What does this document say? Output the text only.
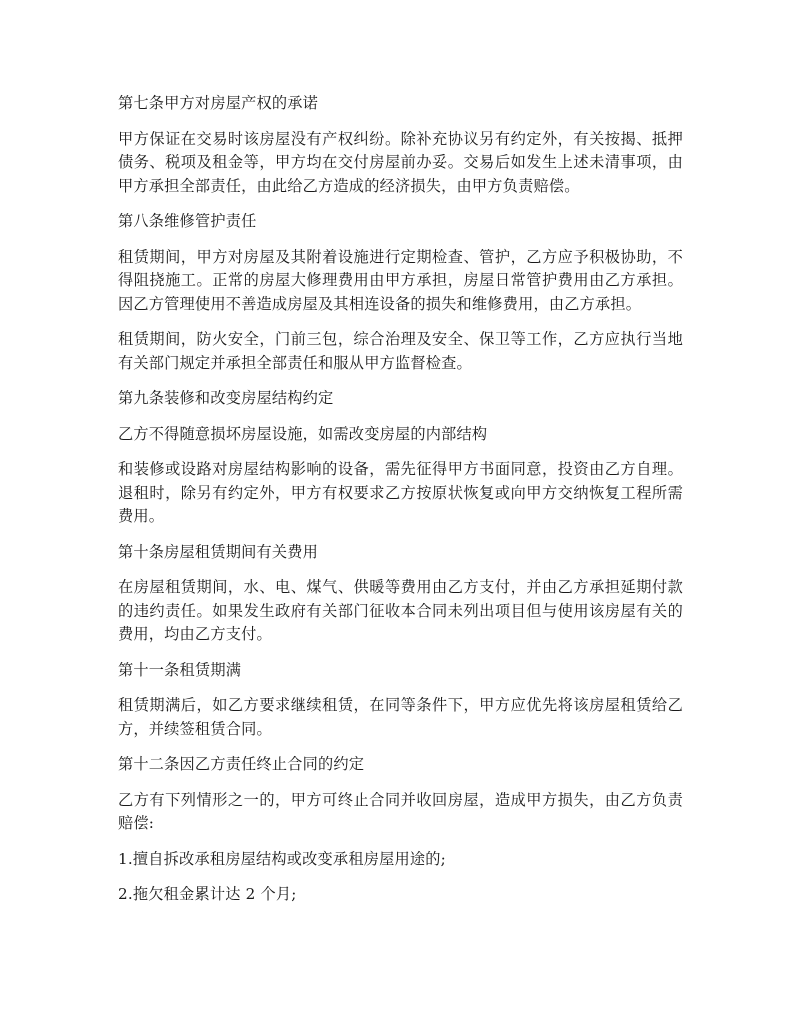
第七条甲方对房屋产权的承诺

甲方保证在交易时该房屋没有产权纠纷。除补充协议另有约定外，有关按揭、抵押债务、税项及租金等，甲方均在交付房屋前办妥。交易后如发生上述未清事项，由甲方承担全部责任，由此给乙方造成的经济损失，由甲方负责赔偿。

第八条维修管护责任

租赁期间，甲方对房屋及其附着设施进行定期检查、管护，乙方应予积极协助，不得阻挠施工。正常的房屋大修理费用由甲方承担，房屋日常管护费用由乙方承担。因乙方管理使用不善造成房屋及其相连设备的损失和维修费用，由乙方承担。

租赁期间，防火安全，门前三包，综合治理及安全、保卫等工作，乙方应执行当地有关部门规定并承担全部责任和服从甲方监督检查。

第九条装修和改变房屋结构约定

乙方不得随意损坏房屋设施，如需改变房屋的内部结构

和装修或设路对房屋结构影响的设备，需先征得甲方书面同意，投资由乙方自理。退租时，除另有约定外，甲方有权要求乙方按原状恢复或向甲方交纳恢复工程所需费用。

第十条房屋租赁期间有关费用

在房屋租赁期间，水、电、煤气、供暖等费用由乙方支付，并由乙方承担延期付款的违约责任。如果发生政府有关部门征收本合同未列出项目但与使用该房屋有关的费用，均由乙方支付。

第十一条租赁期满

租赁期满后，如乙方要求继续租赁，在同等条件下，甲方应优先将该房屋租赁给乙方，并续签租赁合同。

第十二条因乙方责任终止合同的约定

乙方有下列情形之一的，甲方可终止合同并收回房屋，造成甲方损失，由乙方负责赔偿:

1.擅自拆改承租房屋结构或改变承租房屋用途的;

2.拖欠租金累计达 2 个月;
